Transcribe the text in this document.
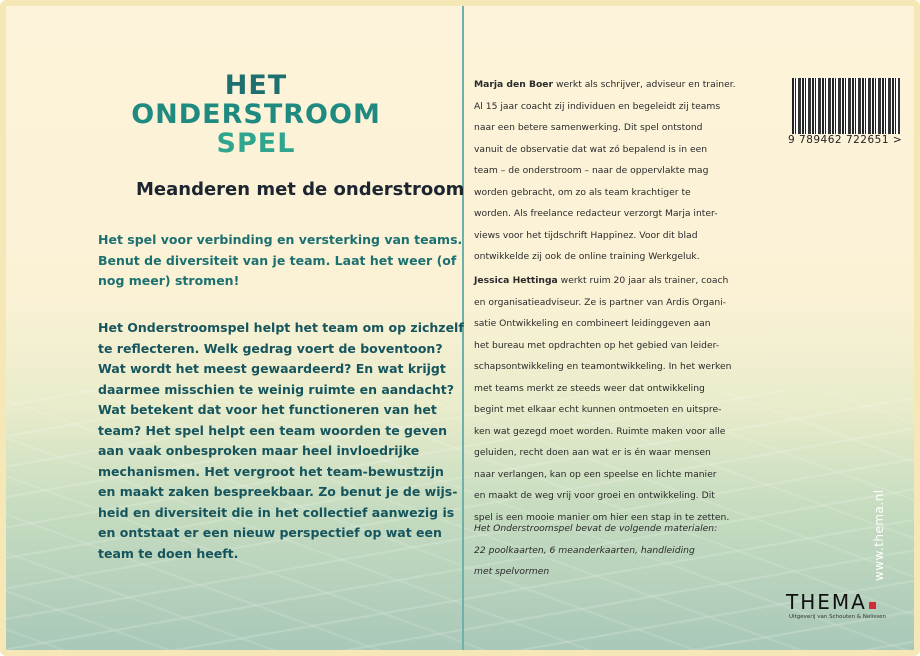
HET
ONDERSTROOM
SPEL
Meanderen met de onderstroom
Het spel voor verbinding en versterking van teams.
Benut de diversiteit van je team. Laat het weer (of
nog meer) stromen!
Het Onderstroomspel helpt het team om op zichzelf
te reflecteren. Welk gedrag voert de boventoon?
Wat wordt het meest gewaardeerd? En wat krijgt
daarmee misschien te weinig ruimte en aandacht?
Wat betekent dat voor het functioneren van het
team? Het spel helpt een team woorden te geven
aan vaak onbesproken maar heel invloedrijke
mechanismen. Het vergroot het team-bewustzijn
en maakt zaken bespreekbaar. Zo benut je de wijs-
heid en diversiteit die in het collectief aanwezig is
en ontstaat er een nieuw perspectief op wat een
team te doen heeft.
Marja den Boer werkt als schrijver, adviseur en trainer.
Al 15 jaar coacht zij individuen en begeleidt zij teams
naar een betere samenwerking. Dit spel ontstond
vanuit de observatie dat wat zó bepalend is in een
team – de onderstroom – naar de oppervlakte mag
worden gebracht, om zo als team krachtiger te
worden. Als freelance redacteur verzorgt Marja inter-
views voor het tijdschrift Happinez. Voor dit blad
ontwikkelde zij ook de online training Werkgeluk.
Jessica Hettinga werkt ruim 20 jaar als trainer, coach
en organisatieadviseur. Ze is partner van Ardis Organi-
satie Ontwikkeling en combineert leidinggeven aan
het bureau met opdrachten op het gebied van leider-
schapsontwikkeling en teamontwikkeling. In het werken
met teams merkt ze steeds weer dat ontwikkeling
begint met elkaar echt kunnen ontmoeten en uitspre-
ken wat gezegd moet worden. Ruimte maken voor alle
geluiden, recht doen aan wat er is én waar mensen
naar verlangen, kan op een speelse en lichte manier
en maakt de weg vrij voor groei en ontwikkeling. Dit
spel is een mooie manier om hier een stap in te zetten.
Het Onderstroomspel bevat de volgende materialen:
22 poolkaarten, 6 meanderkaarten, handleiding
met spelvormen
9 789462 722651 >
www.thema.nl
THEMA
Uitgeverij van Schouten & Nelissen
